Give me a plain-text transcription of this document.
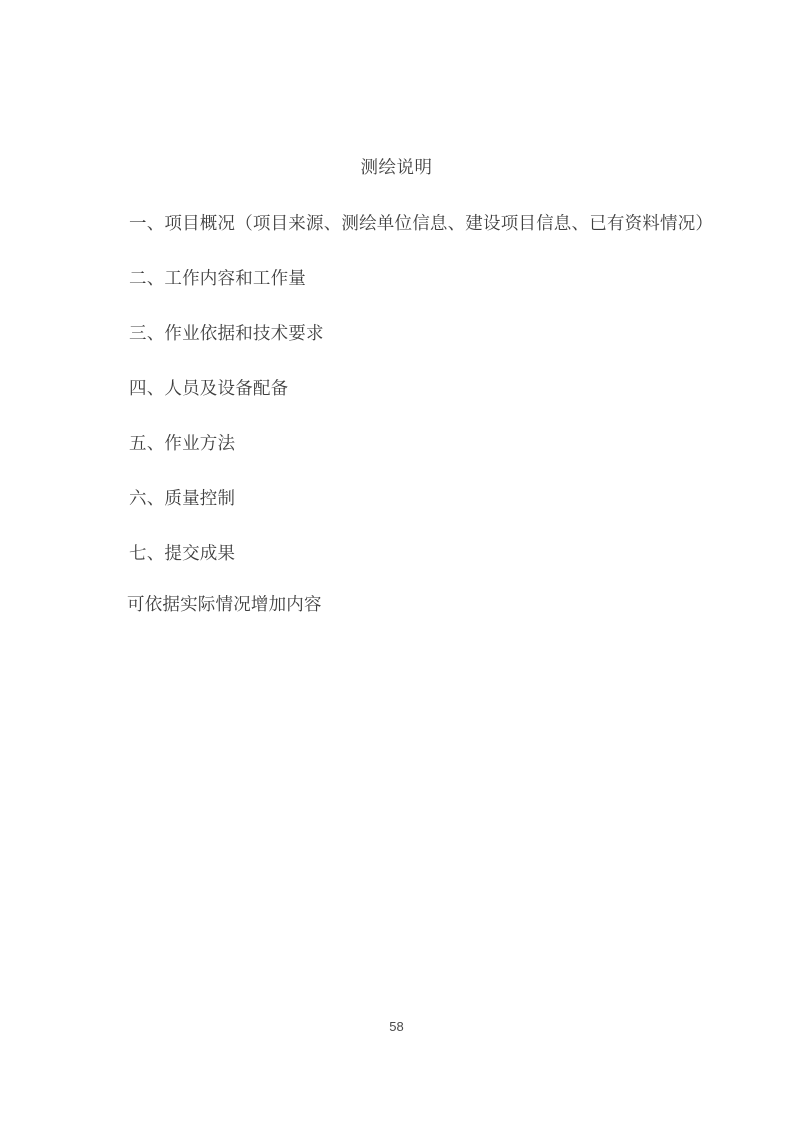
测绘说明
一、项目概况（项目来源、测绘单位信息、建设项目信息、已有资料情况）
二、工作内容和工作量
三、作业依据和技术要求
四、人员及设备配备
五、作业方法
六、质量控制
七、提交成果
可依据实际情况增加内容
58
